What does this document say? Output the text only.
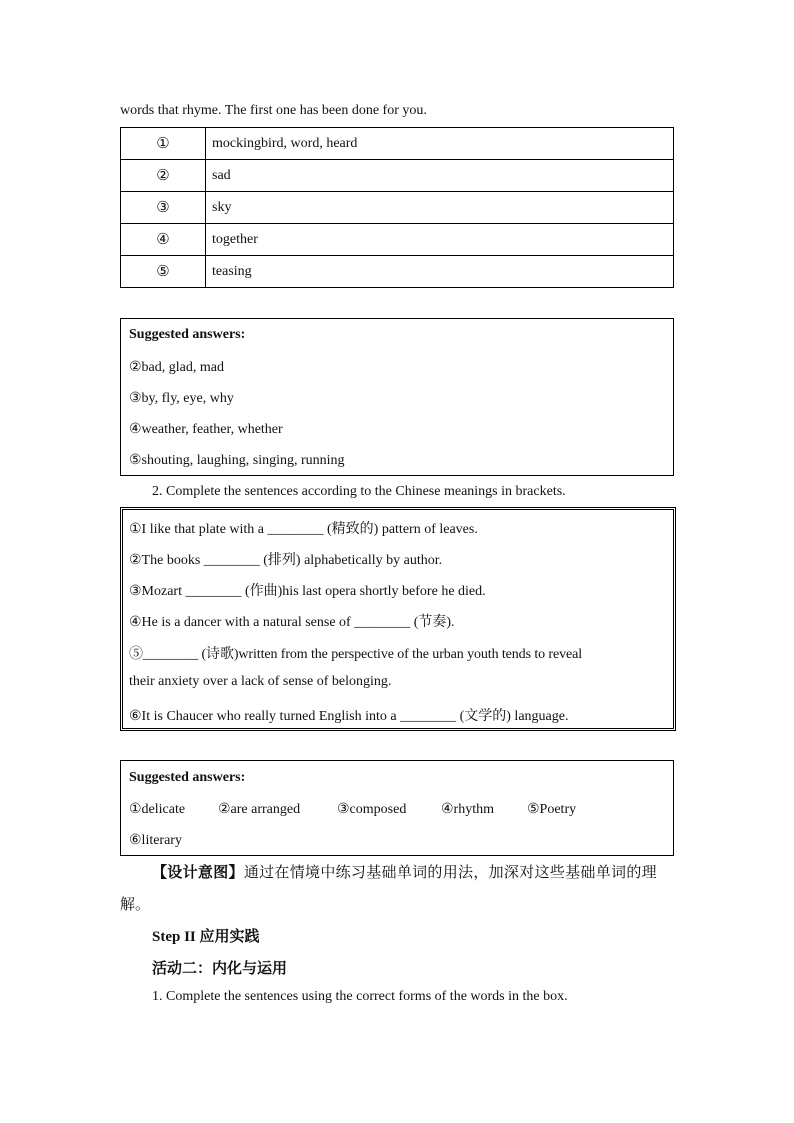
words that rhyme. The first one has been done for you.
①	mockingbird, word, heard
②	sad
③	sky
④	together
⑤	teasing
Suggested answers:
②bad, glad, mad
③by, fly, eye, why
④weather, feather, whether
⑤shouting, laughing, singing, running
2. Complete the sentences according to the Chinese meanings in brackets.
①I like that plate with a ________ (精致的) pattern of leaves.
②The books ________ (排列) alphabetically by author.
③Mozart ________ (作曲)his last opera shortly before he died.
④He is a dancer with a natural sense of ________ (节奏).
⑤________ (诗歌)written from the perspective of the urban youth tends to reveal
their anxiety over a lack of sense of belonging.
⑥It is Chaucer who really turned English into a ________ (文学的) language.
Suggested answers:
①delicate ②are arranged	③composed ④rhythm ⑤Poetry
⑥literary
【设计意图】通过在情境中练习基础单词的用法，加深对这些基础单词的理
解。
Step II 应用实践
活动二：内化与运用
1. Complete the sentences using the correct forms of the words in the box.
